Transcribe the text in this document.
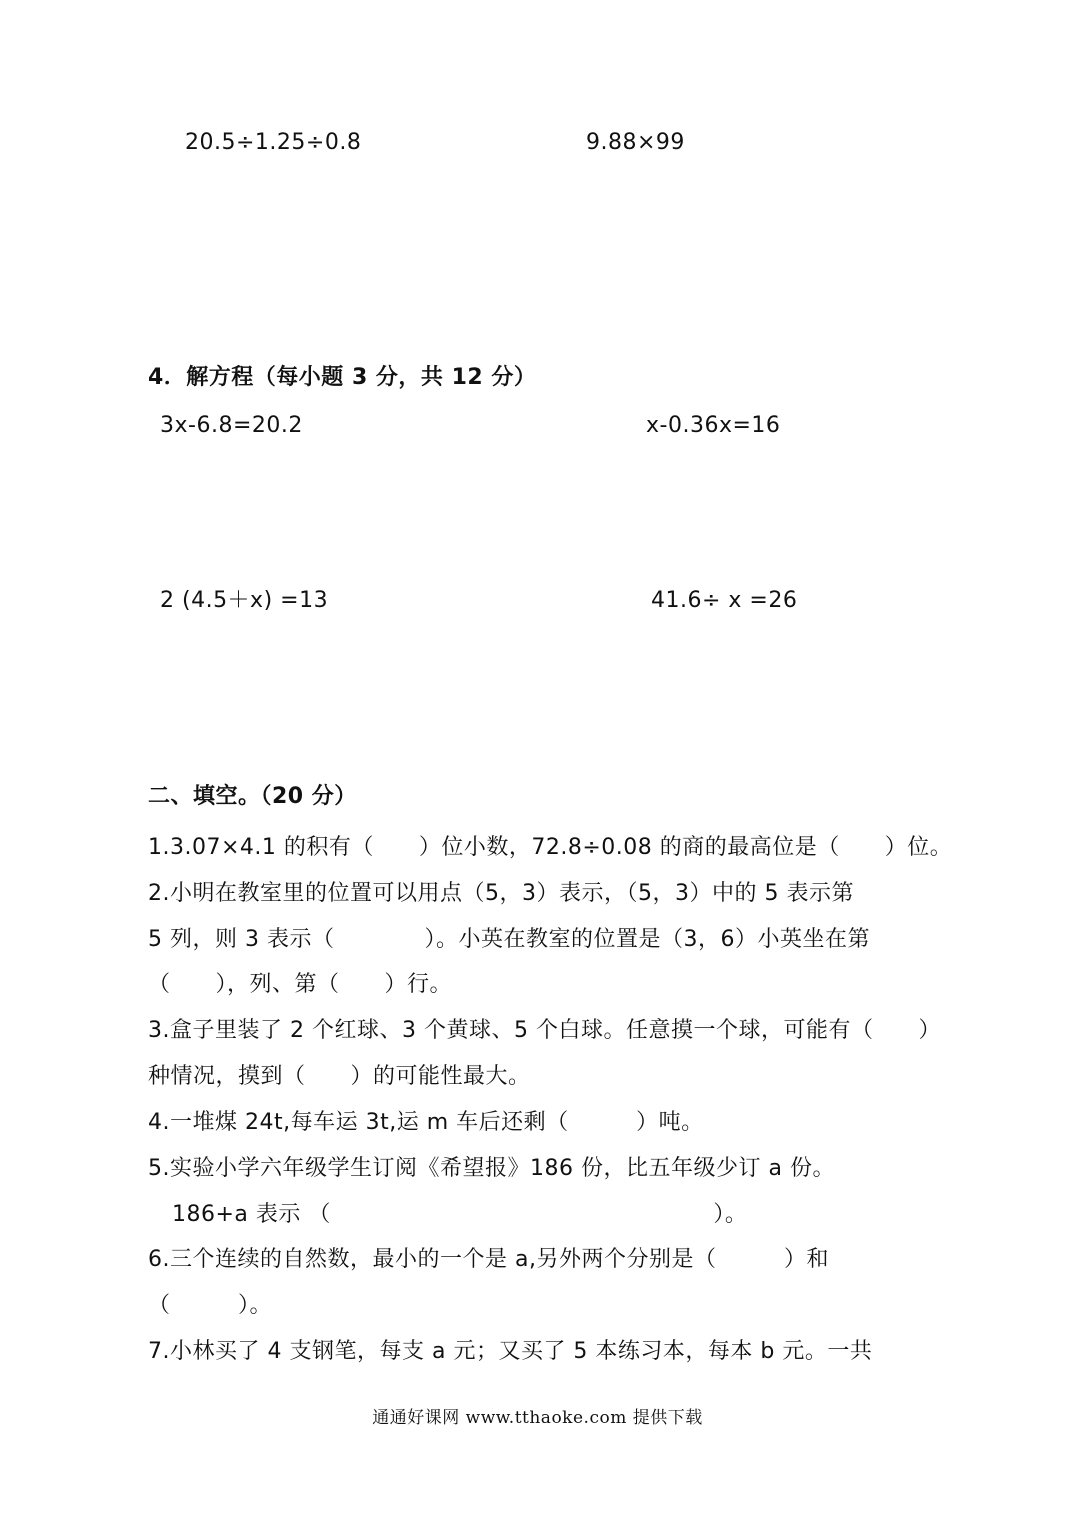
20.5÷1.25÷0.8	9.88×99
4．解方程（每小题 3 分，共 12 分）
3x-6.8=20.2	x-0.36x=16
2 (4.5＋x) =13	41.6÷ x =26
二、填空。（20 分）
1.3.07×4.1 的积有（　　）位小数，72.8÷0.08 的商的最高位是（　　）位。
2.小明在教室里的位置可以用点（5，3）表示，（5，3）中的 5 表示第
5 列，则 3 表示（　　　　）。小英在教室的位置是（3，6）小英坐在第
（　　），列、第（　　）行。
3.盒子里装了 2 个红球、3 个黄球、5 个白球。任意摸一个球，可能有（　　）
种情况，摸到（　　）的可能性最大。
4.一堆煤 24t,每车运 3t,运 m 车后还剩（　　　）吨。
5.实验小学六年级学生订阅《希望报》186 份，比五年级少订 a 份。
186+a 表示 （　　　　　　　　　　　　　　　　　）。
6.三个连续的自然数，最小的一个是 a,另外两个分别是（　　　）和
（　　　）。
7.小林买了 4 支钢笔，每支 a 元；又买了 5 本练习本，每本 b 元。一共
通通好课网 www.tthaoke.com 提供下载
